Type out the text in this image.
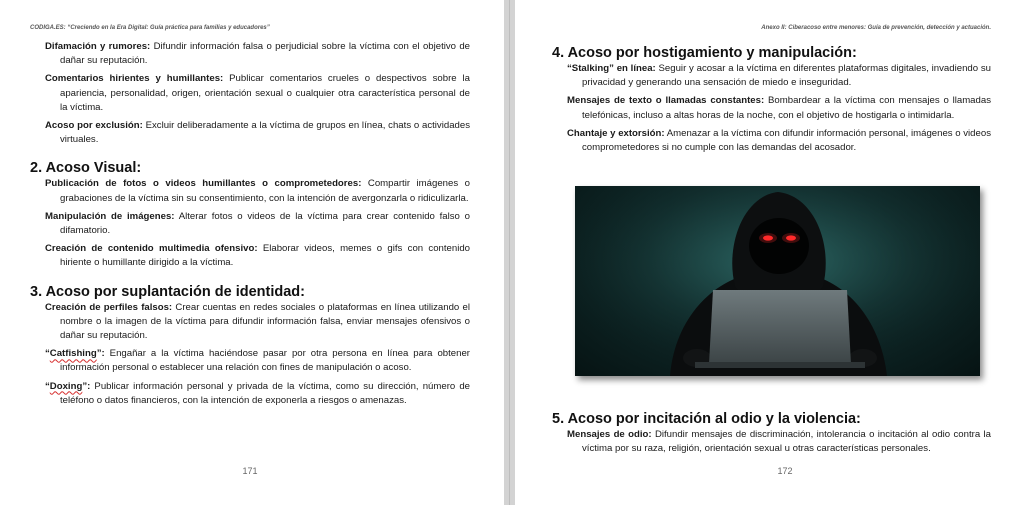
CODIGA.ES: “Creciendo en la Era Digital: Guía práctica para familias y educadores”

Difamación y rumores: Difundir información falsa o perjudicial sobre la víctima con el objetivo de dañar su reputación.

Comentarios hirientes y humillantes: Publicar comentarios crueles o despectivos sobre la apariencia, personalidad, origen, orientación sexual o cualquier otra característica personal de la víctima.

Acoso por exclusión: Excluir deliberadamente a la víctima de grupos en línea, chats o actividades virtuales.

2. Acoso Visual:

Publicación de fotos o videos humillantes o comprometedores: Compartir imágenes o grabaciones de la víctima sin su consentimiento, con la intención de avergonzarla o ridiculizarla.

Manipulación de imágenes: Alterar fotos o videos de la víctima para crear contenido falso o difamatorio.

Creación de contenido multimedia ofensivo: Elaborar videos, memes o gifs con contenido hiriente o humillante dirigido a la víctima.

3. Acoso por suplantación de identidad:

Creación de perfiles falsos: Crear cuentas en redes sociales o plataformas en línea utilizando el nombre o la imagen de la víctima para difundir información falsa, enviar mensajes ofensivos o dañar su reputación.

“Catfishing”: Engañar a la víctima haciéndose pasar por otra persona en línea para obtener información personal o establecer una relación con fines de manipulación o acoso.

“Doxing”: Publicar información personal y privada de la víctima, como su dirección, número de teléfono o datos financieros, con la intención de exponerla a riesgos o amenazas.

171
Anexo II: Ciberacoso entre menores: Guía de prevención, detección y actuación.
4. Acoso por hostigamiento y manipulación:

“Stalking” en línea: Seguir y acosar a la víctima en diferentes plataformas digitales, invadiendo su privacidad y generando una sensación de miedo e inseguridad.

Mensajes de texto o llamadas constantes: Bombardear a la víctima con mensajes o llamadas telefónicas, incluso a altas horas de la noche, con el objetivo de hostigarla o intimidarla.

Chantaje y extorsión: Amenazar a la víctima con difundir información personal, imágenes o videos comprometedores si no cumple con las demandas del acosador.

5. Acoso por incitación al odio y la violencia:

Mensajes de odio: Difundir mensajes de discriminación, intolerancia o incitación al odio contra la víctima por su raza, religión, orientación sexual u otras características personales.

172
